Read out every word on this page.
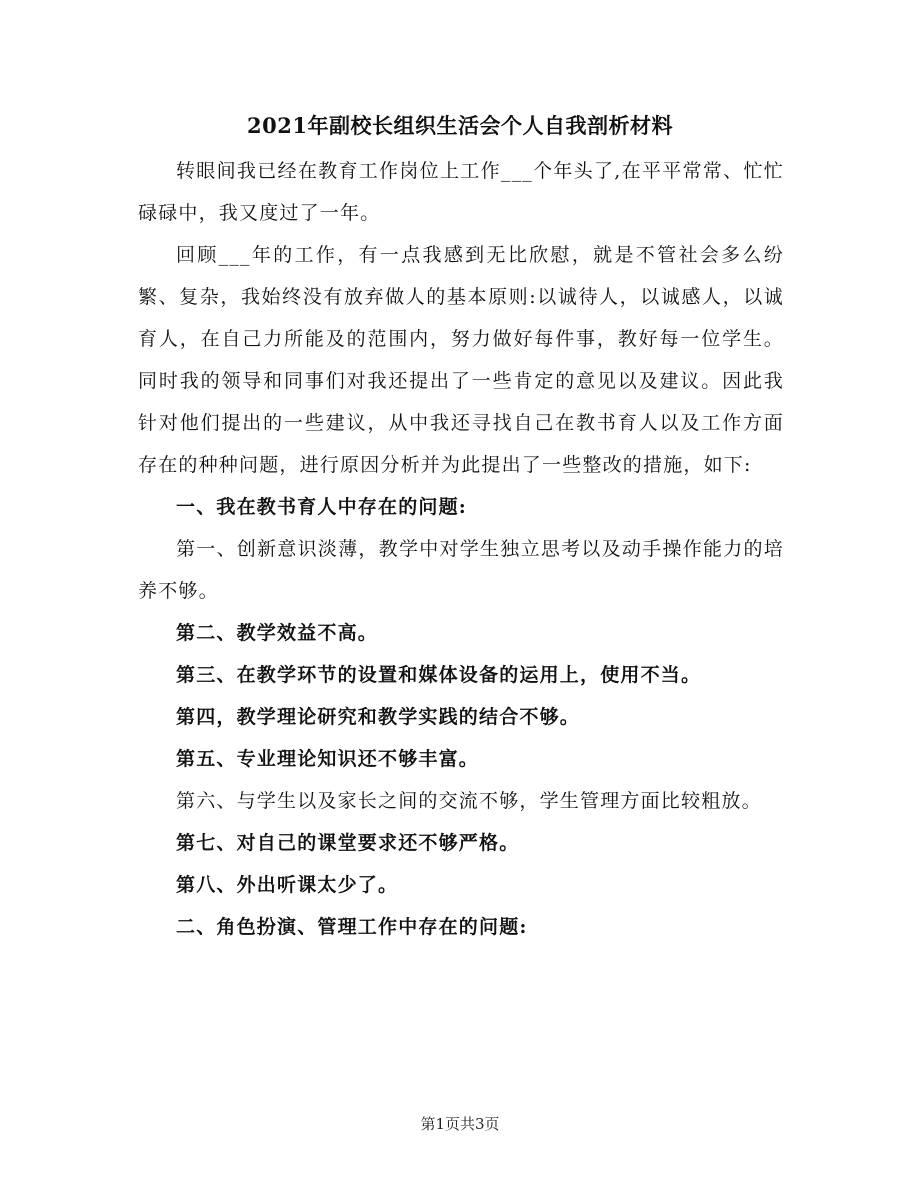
2021年副校长组织生活会个人自我剖析材料

转眼间我已经在教育工作岗位上工作___个年头了,在平平常常、忙忙碌碌中，我又度过了一年。

回顾___年的工作，有一点我感到无比欣慰，就是不管社会多么纷繁、复杂，我始终没有放弃做人的基本原则:以诚待人，以诚感人，以诚育人，在自己力所能及的范围内，努力做好每件事，教好每一位学生。同时我的领导和同事们对我还提出了一些肯定的意见以及建议。因此我针对他们提出的一些建议，从中我还寻找自己在教书育人以及工作方面存在的种种问题，进行原因分析并为此提出了一些整改的措施，如下:

一、我在教书育人中存在的问题:

第一、创新意识淡薄，教学中对学生独立思考以及动手操作能力的培养不够。

第二、教学效益不高。

第三、在教学环节的设置和媒体设备的运用上，使用不当。

第四，教学理论研究和教学实践的结合不够。

第五、专业理论知识还不够丰富。

第六、与学生以及家长之间的交流不够，学生管理方面比较粗放。

第七、对自己的课堂要求还不够严格。

第八、外出听课太少了。

二、角色扮演、管理工作中存在的问题:

第1页共3页
